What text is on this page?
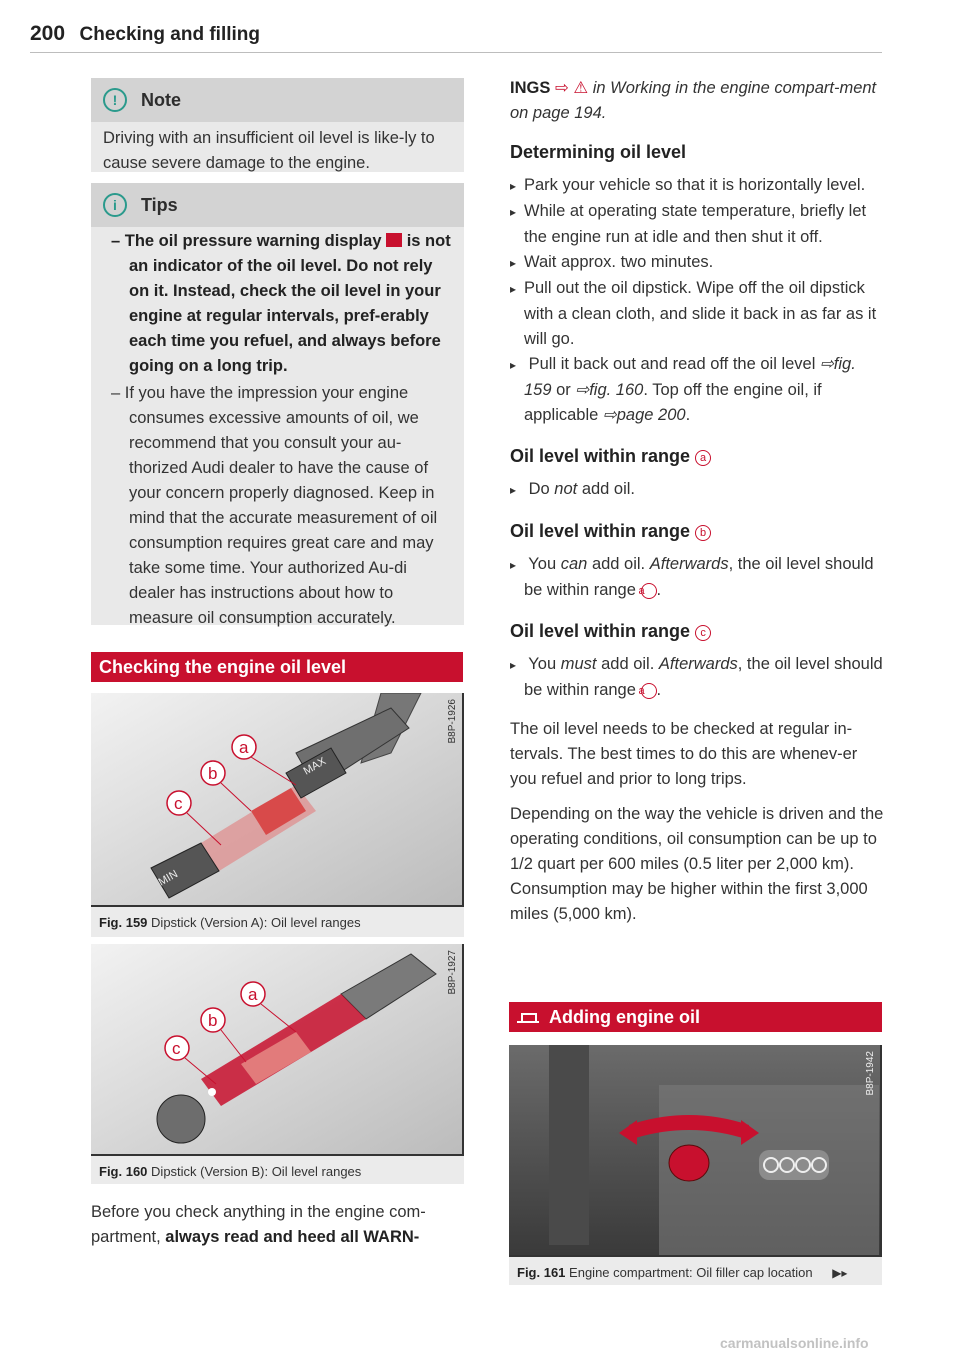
200 Checking and filling
!	Note
Driving with an insufficient oil level is like-ly to cause severe damage to the engine.
i	Tips
– The oil pressure warning display is not an indicator of the oil level. Do not rely on it. Instead, check the oil level in your engine at regular intervals, pref-erably each time you refuel, and always before going on a long trip.
– If you have the impression your engine consumes excessive amounts of oil, we recommend that you consult your au-thorized Audi dealer to have the cause of your concern properly diagnosed. Keep in mind that the accurate measurement of oil consumption requires great care and may take some time. Your authorized Au-di dealer has instructions about how to measure oil consumption accurately.
Checking the engine oil level
MAX
MIN
a
b
c
B8P-1926
Fig. 159 Dipstick (Version A): Oil level ranges
a
b
c
B8P-1927
Fig. 160 Dipstick (Version B): Oil level ranges
Before you check anything in the engine com-partment, always read and heed all WARN-
INGS ⇨ ⚠ in Working in the engine compart-ment on page 194.
Determining oil level
▸ Park your vehicle so that it is horizontally level.
▸ While at operating state temperature, briefly let the engine run at idle and then shut it off.
▸ Wait approx. two minutes.
▸ Pull out the oil dipstick. Wipe off the oil dipstick with a clean cloth, and slide it back in as far as it will go.
▸ Pull it back out and read off the oil level ⇨fig. 159 or ⇨fig. 160. Top off the engine oil, if applicable ⇨page 200.
Oil level within range a
▸ Do not add oil.
Oil level within range b
▸ You can add oil. Afterwards, the oil level should be within range a .
Oil level within range c
▸ You must add oil. Afterwards, the oil level should be within range a .
The oil level needs to be checked at regular in-tervals. The best times to do this are whenev-er you refuel and prior to long trips.
Depending on the way the vehicle is driven and the operating conditions, oil consumption can be up to 1/2 quart per 600 miles (0.5 liter per 2,000 km). Consumption may be higher within the first 3,000 miles (5,000 km).
Adding engine oil
B8P-1942
Fig. 161 Engine compartment: Oil filler cap location ▶▸
carmanualsonline.info
